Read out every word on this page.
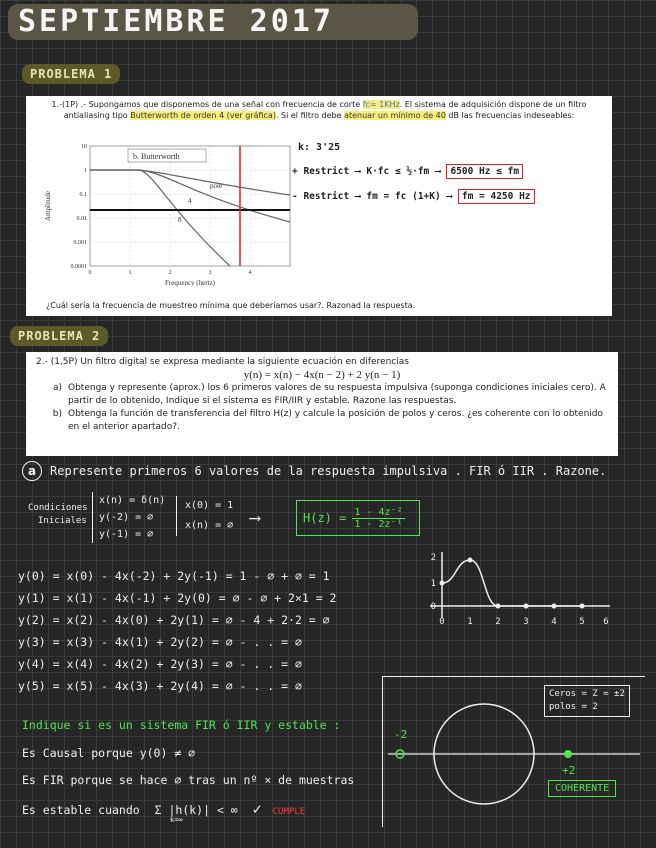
SEPTIEMBRE 2017
PROBLEMA 1
1.-(1P) .- Supongamos que disponemos de una señal con frecuencia de corte fc= 1KHz. El sistema de adquisición dispone de un filtro antialiasing tipo Butterworth de orden 4 (ver gráfica). Si el filtro debe atenuar un mínimo de 40 dB las frecuencias indeseables:
b. Butterworth
pole
4
8
10
1
0.1
0.01
0.001
0.0001
0	1	2	3	4
Frequency (hertz)
Amplitude
k: 3'25
+ Restrict ⟶ K·fc ≤ ½·fm ⟶ 6500 Hz ≤ fm
- Restrict ⟶ fm = fc (1+K) ⟶ fm = 4250 Hz
¿Cuál sería la frecuencia de muestreo mínima que deberíamos usar?. Razonad la respuesta.
PROBLEMA 2
2.- (1,5P) Un filtro digital se expresa mediante la siguiente ecuación en diferencias
y(n) = x(n) − 4x(n − 2) + 2 y(n − 1)
a) Obtenga y represente (aprox.) los 6 primeros valores de su respuesta impulsiva (suponga condiciones iniciales cero). A partir de lo obtenido, Indique si el sistema es FIR/IIR y estable. Razone las respuestas.
b) Obtenga la función de transferencia del filtro H(z) y calcule la posición de polos y ceros. ¿es coherente con lo obtenido en el anterior apartado?.
a	Represente primeros 6 valores de la respuesta impulsiva . FIR ó IIR . Razone.
Condiciones
Iniciales
x(n) = δ(n)
y(-2) = ∅
y(-1) = ∅
x(0) = 1
x(n) = ∅ ⟶	$H(z) = \frac{\text{1 - 4z⁻²}}{\text{1 - 2z⁻¹}}$
y(0) = x(0) - 4x(-2) + 2y(-1) = 1 - ∅ + ∅ = 1
y(1) = x(1) - 4x(-1) + 2y(0) = ∅ - ∅ + 2×1 = 2
y(2) = x(2) - 4x(0) + 2y(1) = ∅ - 4 + 2·2 = ∅
y(3) = x(3) - 4x(1) + 2y(2) = ∅ - . . = ∅
y(4) = x(4) - 4x(2) + 2y(3) = ∅ - . . = ∅
y(5) = x(5) - 4x(3) + 2y(4) = ∅ - . . = ∅
2
1
0
0	1	2	3	4	5 6
-2
+2
Ceros = Z = ±2
polos = 2
COHERENTE
Indique si es un sistema FIR ó IIR y estable :
Es Causal porque y(0) ≠ ∅
Es FIR porque se hace ∅ tras un nº × de muestras
Es estable cuando Σ |h(k)| < ∞ ✓ CUMPLE
k=∞
